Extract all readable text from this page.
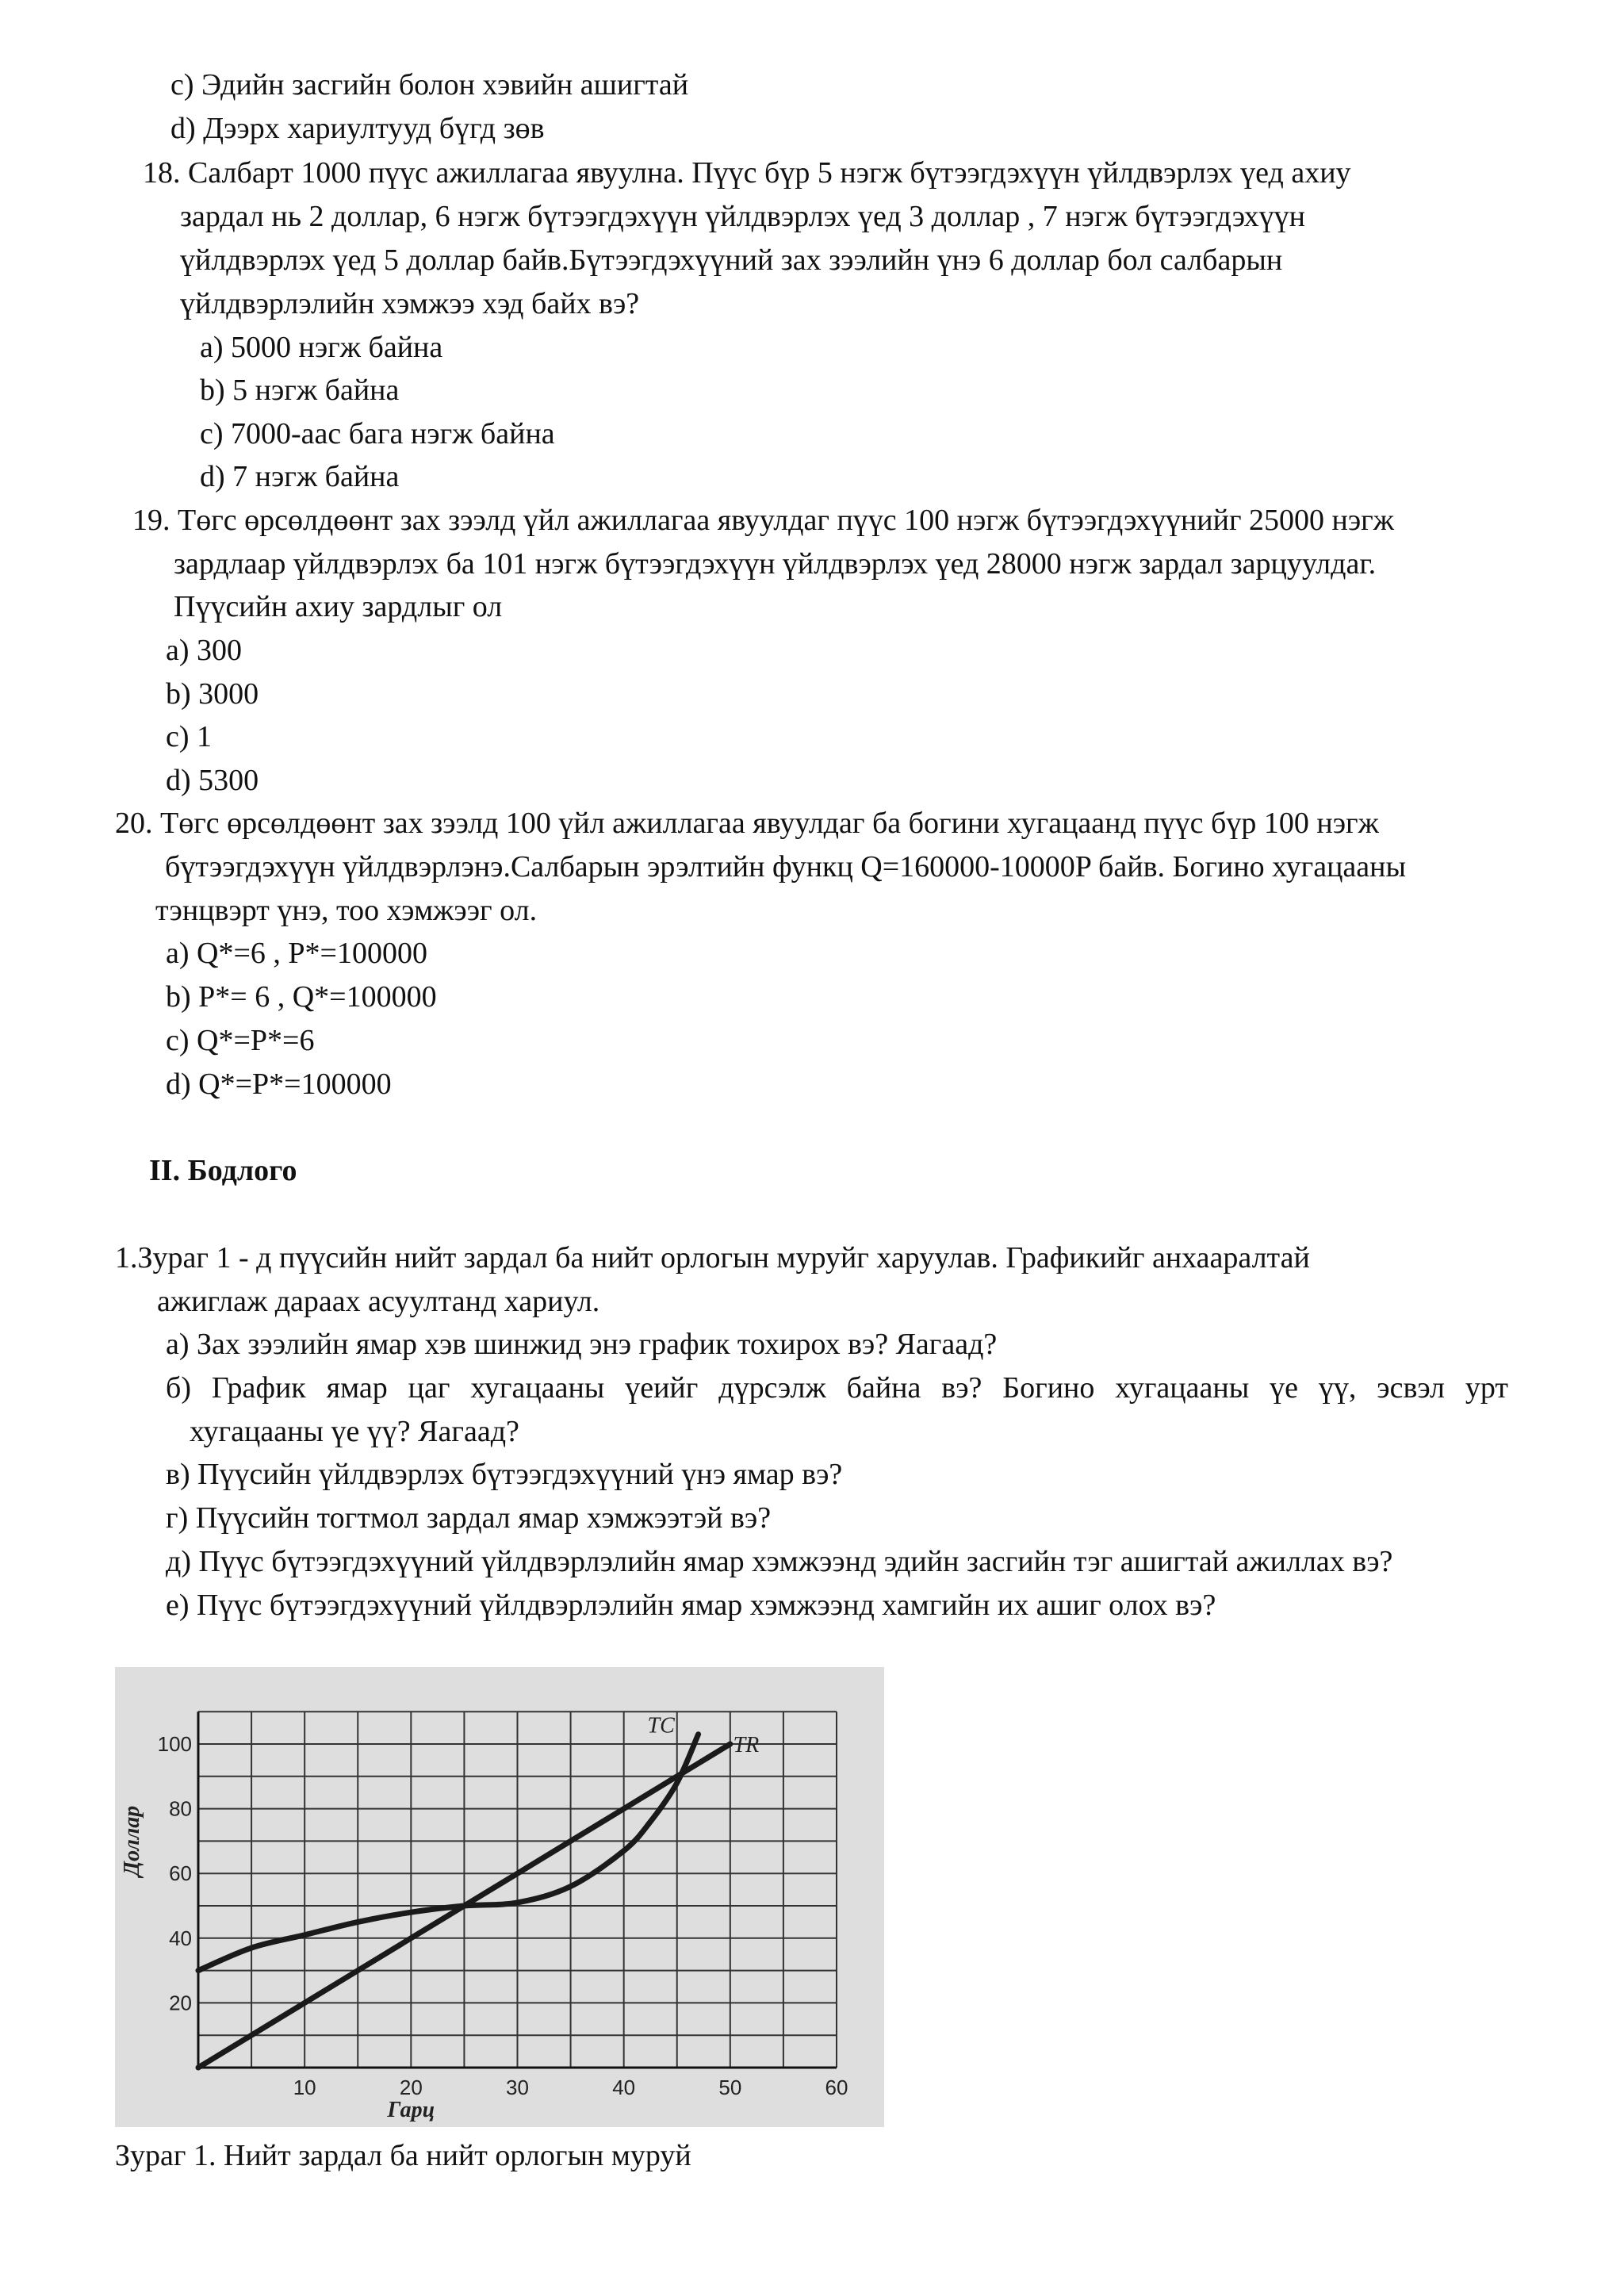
c) Эдийн засгийн болон хэвийн ашигтай
d) Дээрх хариултууд бүгд зөв
18. Салбарт 1000 пүүс ажиллагаа явуулна. Пүүс бүр 5 нэгж бүтээгдэхүүн үйлдвэрлэх үед ахиу
зардал нь 2 доллар, 6 нэгж бүтээгдэхүүн үйлдвэрлэх үед 3 доллар , 7 нэгж бүтээгдэхүүн
үйлдвэрлэх үед 5 доллар байв.Бүтээгдэхүүний зах зээлийн үнэ 6 доллар бол салбарын
үйлдвэрлэлийн хэмжээ хэд байх вэ?
a) 5000 нэгж байна
b) 5 нэгж байна
c) 7000-аас бага нэгж байна
d) 7 нэгж байна
19. Төгс өрсөлдөөнт зах зээлд үйл ажиллагаа явуулдаг пүүс 100 нэгж бүтээгдэхүүнийг 25000 нэгж
зардлаар үйлдвэрлэх ба 101 нэгж бүтээгдэхүүн үйлдвэрлэх үед 28000 нэгж зардал зарцуулдаг.
Пүүсийн ахиу зардлыг ол
a) 300
b) 3000
c) 1
d) 5300
20. Төгс өрсөлдөөнт зах зээлд 100 үйл ажиллагаа явуулдаг ба богини хугацаанд пүүс бүр 100 нэгж
бүтээгдэхүүн үйлдвэрлэнэ.Салбарын эрэлтийн функц Q=160000-10000P байв. Богино хугацааны
тэнцвэрт үнэ, тоо хэмжээг ол.
a) Q*=6 , P*=100000
b) P*= 6 , Q*=100000
c) Q*=P*=6
d) Q*=P*=100000
II. Бодлого
1.Зураг 1 - д пүүсийн нийт зардал ба нийт орлогын муруйг харуулав. Графикийг анхааралтай
ажиглаж дараах асуултанд хариул.
а) Зах зээлийн ямар хэв шинжид энэ график тохирох вэ? Яагаад?
б) График ямар цаг хугацааны үеийг дүрсэлж байна вэ? Богино хугацааны үе үү, эсвэл урт
хугацааны үе үү? Яагаад?
в) Пүүсийн үйлдвэрлэх бүтээгдэхүүний үнэ ямар вэ?
г) Пүүсийн тогтмол зардал ямар хэмжээтэй вэ?
д) Пүүс бүтээгдэхүүний үйлдвэрлэлийн ямар хэмжээнд эдийн засгийн тэг ашигтай ажиллах вэ?
е) Пүүс бүтээгдэхүүний үйлдвэрлэлийн ямар хэмжээнд хамгийн их ашиг олох вэ?
10	20	30	40	50	60
20
40
60
80
100
Гарц
Доллар
TC
TR
Зураг 1. Нийт зардал ба нийт орлогын муруй
